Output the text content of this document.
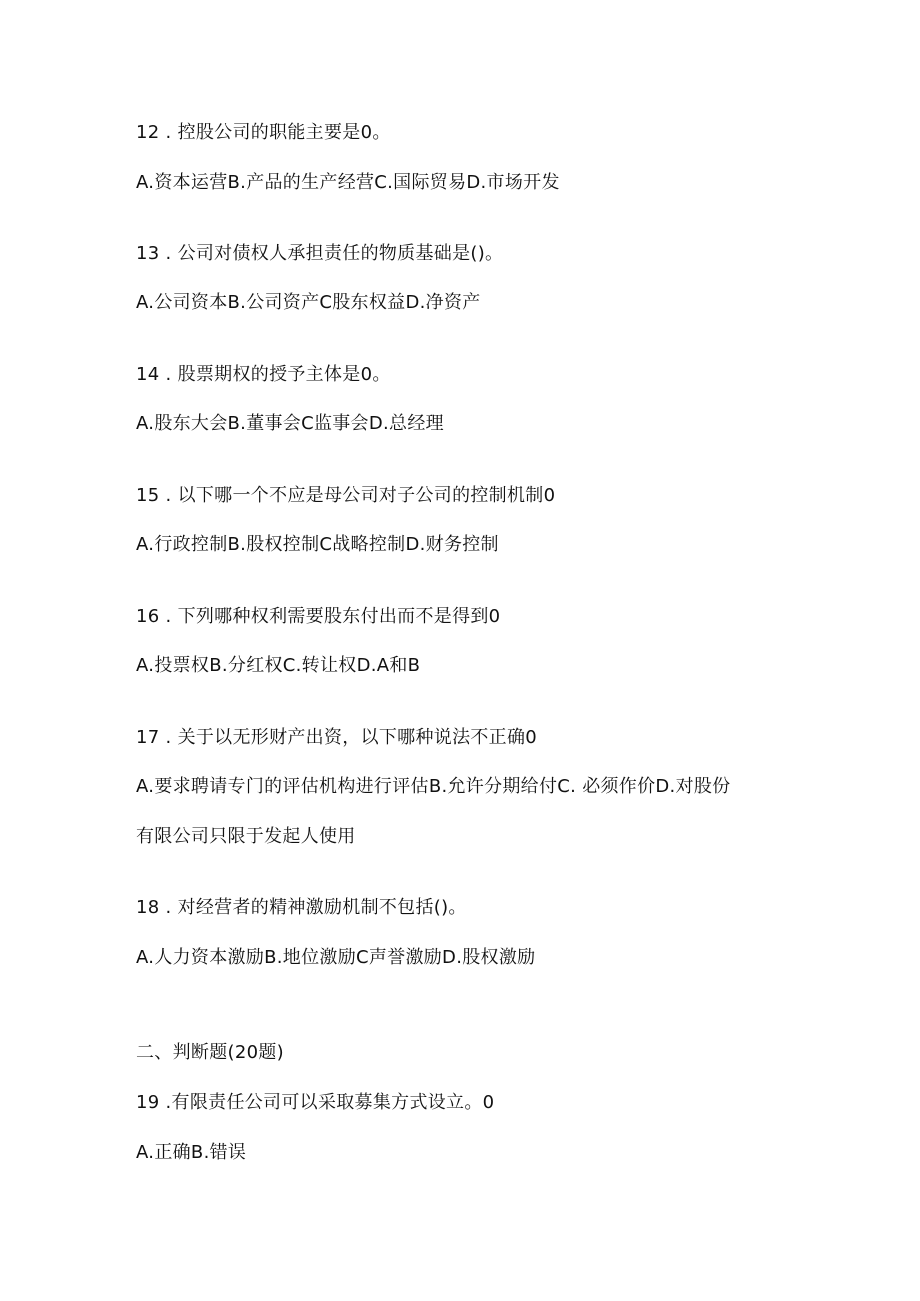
12 . 控股公司的职能主要是0。
A.资本运营B.产品的生产经营C.国际贸易D.市场开发
13 . 公司对债权人承担责任的物质基础是()。
A.公司资本B.公司资产C股东权益D.净资产
14 . 股票期权的授予主体是0。
A.股东大会B.董事会C监事会D.总经理
15 . 以下哪一个不应是母公司对子公司的控制机制0
A.行政控制B.股权控制C战略控制D.财务控制
16 . 下列哪种权利需要股东付出而不是得到0
A.投票权B.分红权C.转让权D.A和B
17 . 关于以无形财产出资，以下哪种说法不正确0
A.要求聘请专门的评估机构进行评估B.允许分期给付C. 必须作价D.对股份
有限公司只限于发起人使用
18 . 对经营者的精神激励机制不包括()。
A.人力资本激励B.地位激励C声誉激励D.股权激励
二、判断题(20题)
19 .有限责任公司可以采取募集方式设立。0
A.正确B.错误
